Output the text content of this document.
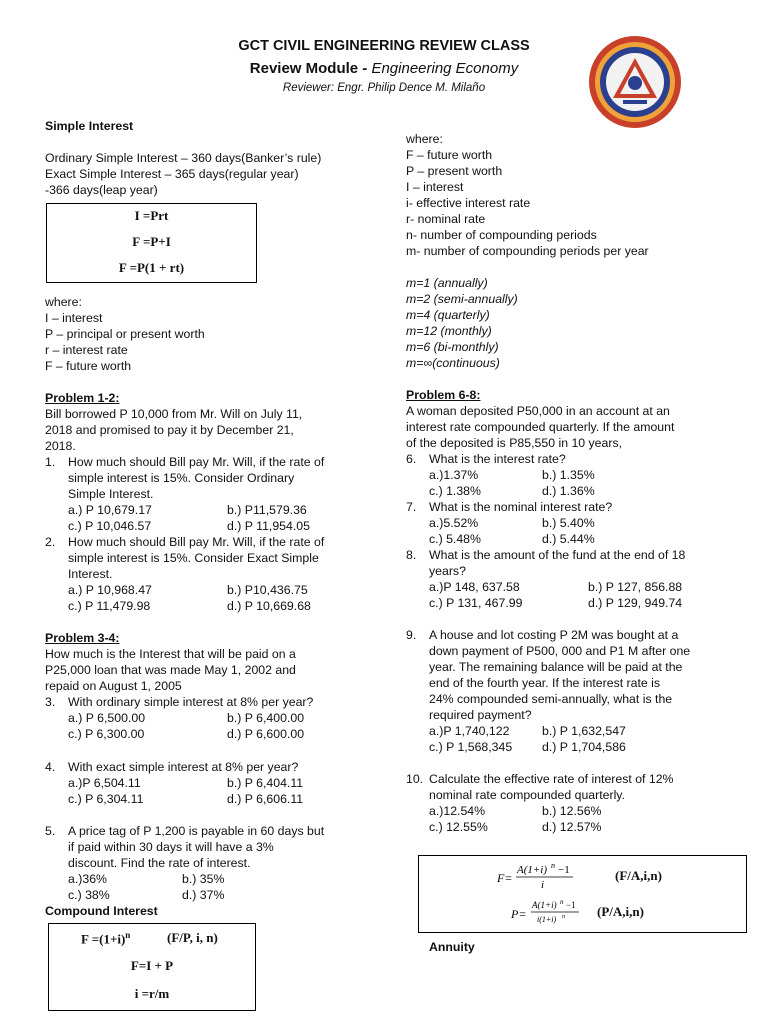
GCT CIVIL ENGINEERING REVIEW CLASS
Review Module - Engineering Economy
Reviewer: Engr. Philip Dence M. Milaño
Simple Interest
Ordinary Simple Interest – 360 days(Banker’s rule)
Exact Simple Interest – 365 days(regular year)
-366 days(leap year)
I =Prt
F =P+I
F =P(1 + rt)
where:
I – interest
P – principal or present worth
r – interest rate
F – future worth
Problem 1-2:
Bill borrowed P 10,000 from Mr. Will on July 11,
2018 and promised to pay it by December 21,
2018.
1. How much should Bill pay Mr. Will, if the rate of
simple interest is 15%. Consider Ordinary
Simple Interest.
a.) P 10,679.17	b.) P11,579.36
c.) P 10,046.57	d.) P 11,954.05
2. How much should Bill pay Mr. Will, if the rate of
simple interest is 15%. Consider Exact Simple
Interest.
a.) P 10,968.47	b.) P10,436.75
c.) P 11,479.98	d.) P 10,669.68
Problem 3-4:
How much is the Interest that will be paid on a
P25,000 loan that was made May 1, 2002 and
repaid on August 1, 2005
3. With ordinary simple interest at 8% per year?
a.) P 6,500.00	b.) P 6,400.00
c.) P 6,300.00	d.) P 6,600.00
4. With exact simple interest at 8% per year?
a.)P 6,504.11	b.) P 6,404.11
c.) P 6,304.11	d.) P 6,606.11
5. A price tag of P 1,200 is payable in 60 days but
if paid within 30 days it will have a 3%
discount. Find the rate of interest.
a.)36%	b.) 35%
c.) 38%	d.) 37%
Compound Interest
$F =(1+i)^n$	(F/P, i, n)
F=I + P
i =r/m
where:
F – future worth
P – present worth
I – interest
i- effective interest rate
r- nominal rate
n- number of compounding periods
m- number of compounding periods per year
m=1 (annually)
m=2 (semi-annually)
m=4 (quarterly)
m=12 (monthly)
m=6 (bi-monthly)
m=∞(continuous)
Problem 6-8:
A woman deposited P50,000 in an account at an
interest rate compounded quarterly. If the amount
of the deposited is P85,550 in 10 years,
6. What is the interest rate?
a.)1.37%	b.) 1.35%
c.) 1.38%	d.) 1.36%
7. What is the nominal interest rate?
a.)5.52%	b.) 5.40%
c.) 5.48%	d.) 5.44%
8. What is the amount of the fund at the end of 18
years?
a.)P 148, 637.58	b.) P 127, 856.88
c.) P 131, 467.99	d.) P 129, 949.74
9. A house and lot costing P 2M was bought at a
down payment of P500, 000 and P1 M after one
year. The remaining balance will be paid at the
end of the fourth year. If the interest rate is
24% compounded semi-annually, what is the
required payment?
a.)P 1,740,122	b.) P 1,632,547
c.) P 1,568,345 d.) P 1,704,586
10. Calculate the effective rate of interest of 12%
nominal rate compounded quarterly.
a.)12.54%	b.) 12.56%
c.) 12.55%	d.) 12.57%
F=
A(1+i) n −1
i
(F/A,i,n)
P=
A(1+i) n −1
i(1+i) n (P/A,i,n)
Annuity
